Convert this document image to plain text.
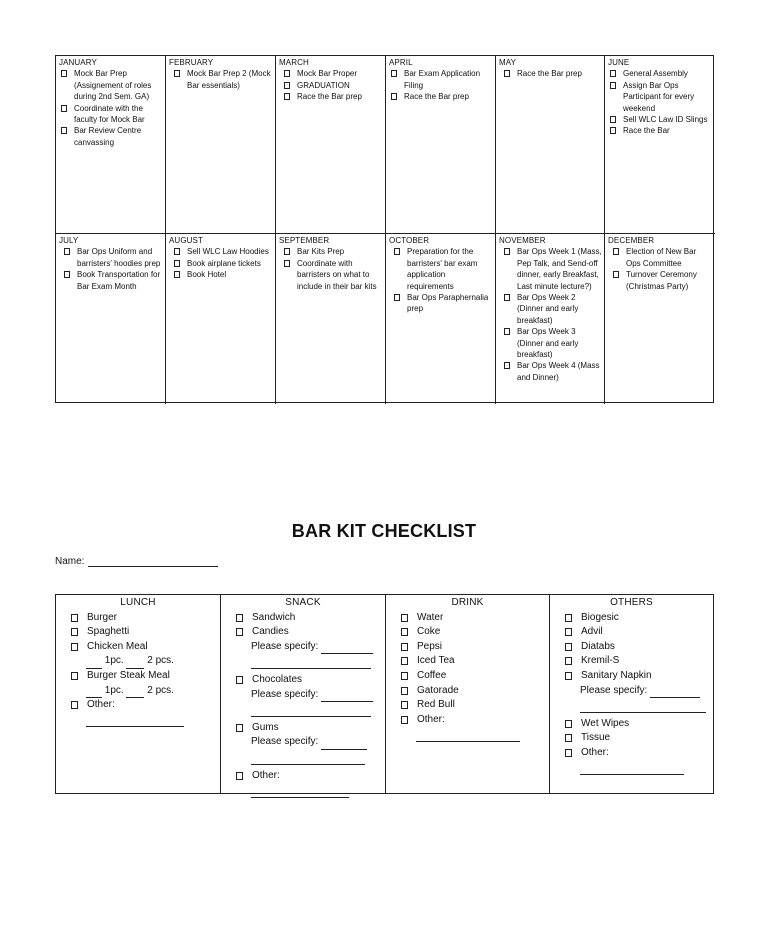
JANUARY
Mock Bar Prep (Assignement of roles during 2nd Sem. GA)
Coordinate with the faculty for Mock Bar
Bar Review Centre canvassing
FEBRUARY
Mock Bar Prep 2 (Mock Bar essentials)
MARCH
Mock Bar Proper
GRADUATION
Race the Bar prep
APRIL
Bar Exam Application Filing
Race the Bar prep
MAY
Race the Bar prep
JUNE
General Assembly
Assign Bar Ops Participant for every weekend
Sell WLC Law ID Slings
Race the Bar
JULY
Bar Ops Uniform and barristers' hoodies prep
Book Transportation for Bar Exam Month
AUGUST
Sell WLC Law Hoodies
Book airplane tickets
Book Hotel
SEPTEMBER
Bar Kits Prep
Coordinate with barristers on what to include in their bar kits
OCTOBER
Preparation for the barristers' bar exam application requirements
Bar Ops Paraphernalia prep
NOVEMBER
Bar Ops Week 1 (Mass, Pep Talk, and Send-off dinner, early Breakfast, Last minute lecture?)
Bar Ops Week 2 (Dinner and early breakfast)
Bar Ops Week 3 (Dinner and early breakfast)
Bar Ops Week 4 (Mass and Dinner)
DECEMBER
Election of New Bar Ops Committee
Turnover Ceremony (Christmas Party)
BAR KIT CHECKLIST
Name:
LUNCH
Burger
Spaghetti
Chicken Meal
1pc. 2 pcs.
Burger Steak Meal
1pc. 2 pcs.
Other:
SNACK
Sandwich
Candies
Please specify:
Chocolates
Please specify:
Gums
Please specify:
Other:
DRINK
Water
Coke
Pepsi
Iced Tea
Coffee
Gatorade
Red Bull
Other:
OTHERS
Biogesic
Advil
Diatabs
Kremil-S
Sanitary Napkin
Please specify:
Wet Wipes
Tissue
Other:
